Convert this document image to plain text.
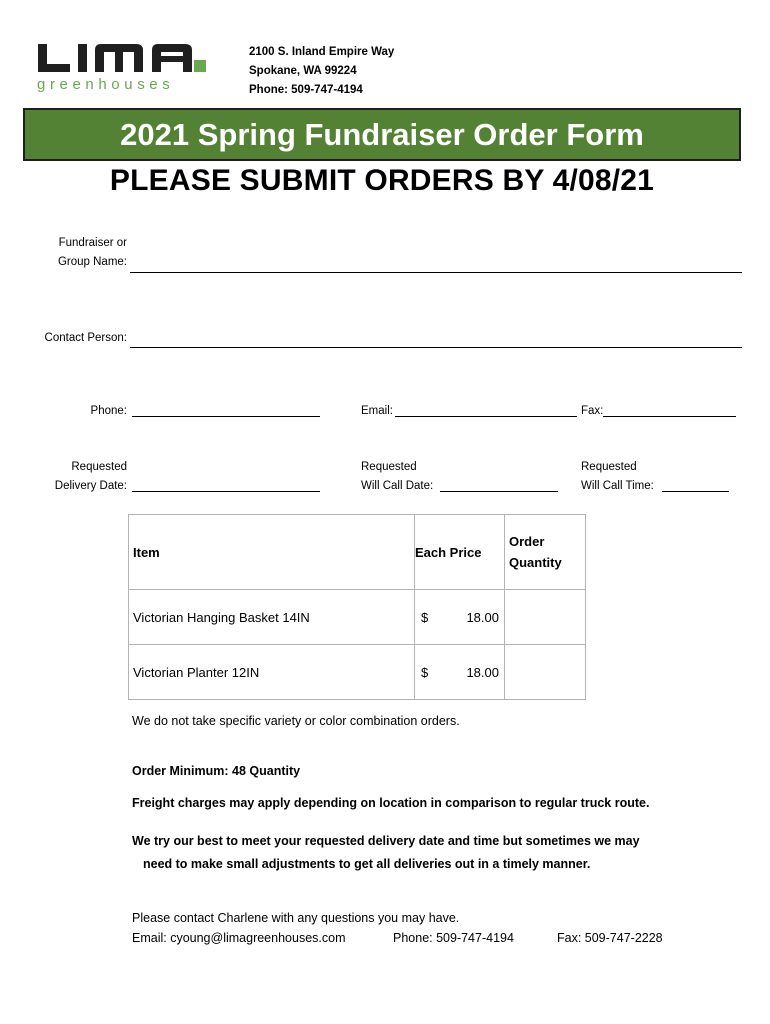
greenhouses
2100 S. Inland Empire Way
Spokane, WA 99224
Phone: 509-747-4194
2021 Spring Fundraiser Order Form
PLEASE SUBMIT ORDERS BY 4/08/21
Fundraiser or
Group Name:
Contact Person:
Phone:	Email:	Fax:
Requested
Delivery Date:
Requested
Will Call Date:
Requested
Will Call Time:
Item	Each Price	Order
Quantity

Victorian Hanging Basket 14IN	$ 18.00	

Victorian Planter 12IN	$ 18.00	

We do not take specific variety or color combination orders.
Order Minimum: 48 Quantity
Freight charges may apply depending on location in comparison to regular truck route.
We try our best to meet your requested delivery date and time but sometimes we may
need to make small adjustments to get all deliveries out in a timely manner.
Please contact Charlene with any questions you may have.
Email: cyoung@limagreenhouses.com	Phone: 509-747-4194	Fax: 509-747-2228
